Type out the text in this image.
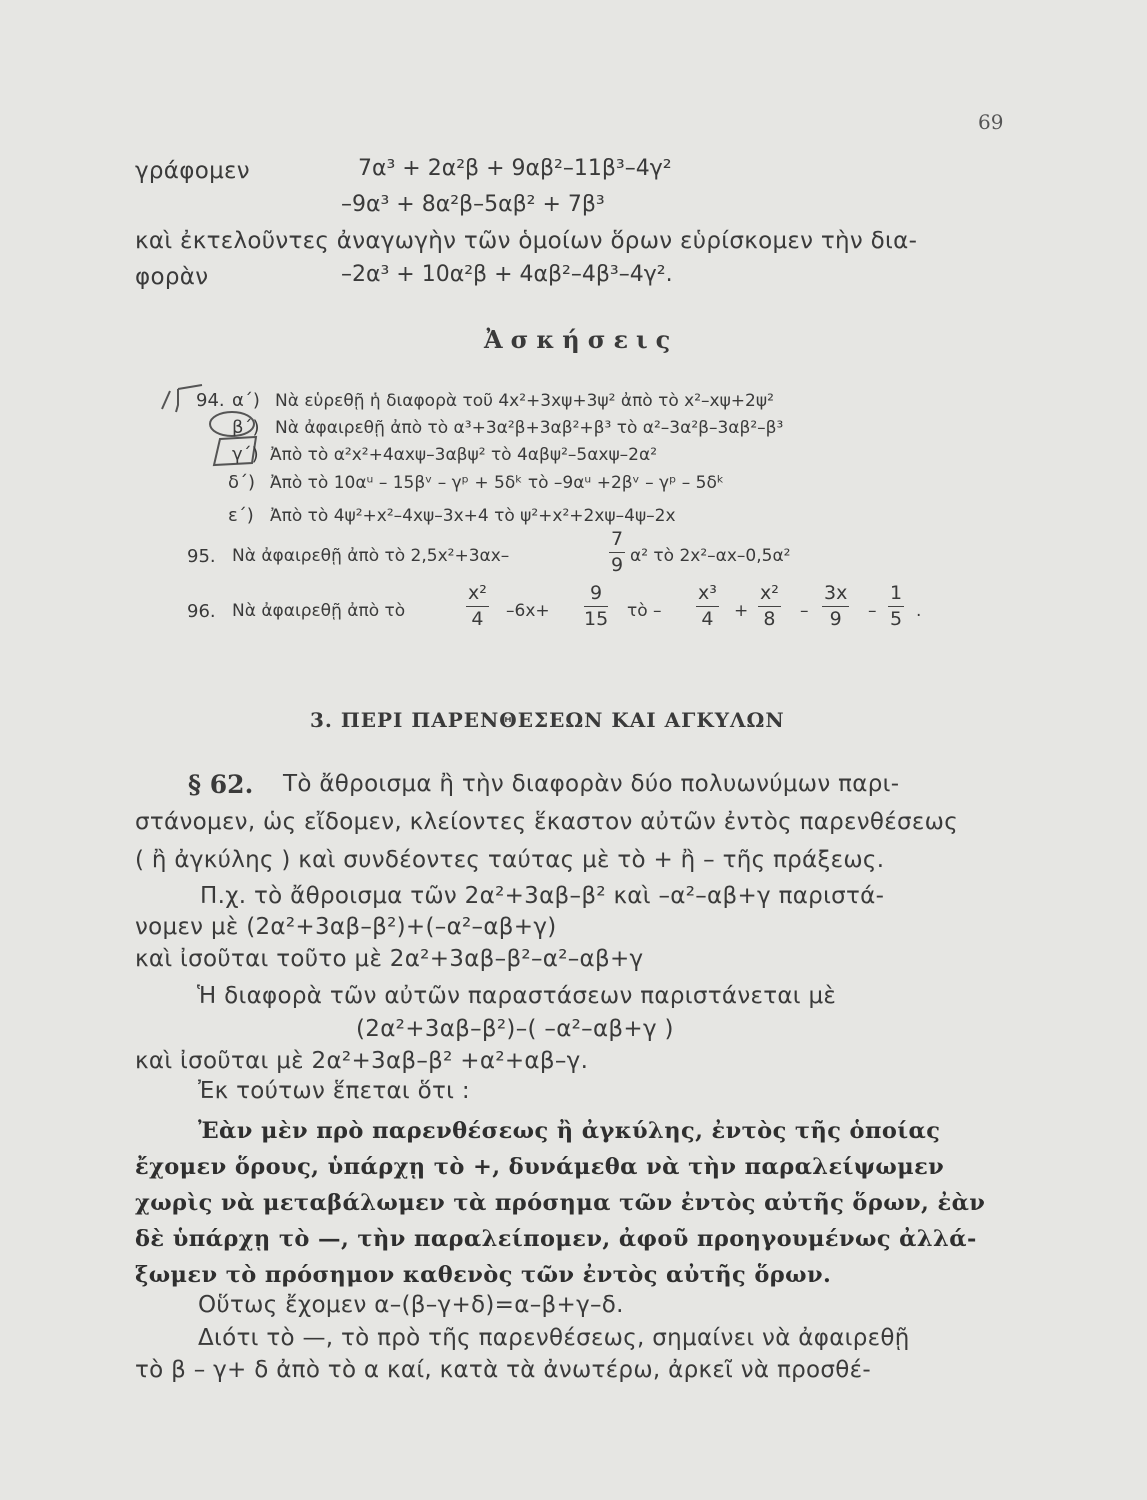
69
γράφομεν	7α³ + 2α²β + 9αβ²–11β³–4γ²
–9α³ + 8α²β–5αβ² + 7β³
καὶ ἐκτελοῦντες ἀναγωγὴν τῶν ὁμοίων ὅρων εὑρίσκομεν τὴν δια-
φορὰν	–2α³ + 10α²β + 4αβ²–4β³–4γ².
Ἀσκήσεις
94. α΄) Νὰ εὑρεθῇ ἡ διαφορὰ τοῦ 4x²+3xψ+3ψ² ἀπὸ τὸ x²–xψ+2ψ²
β΄) Νὰ ἀφαιρεθῇ ἀπὸ τὸ α³+3α²β+3αβ²+β³ τὸ α²–3α²β–3αβ²–β³
γ΄) Ἀπὸ τὸ α²x²+4αxψ–3αβψ² τὸ 4αβψ²–5αxψ–2α²
δ΄) Ἀπὸ τὸ 10αᵘ – 15βᵛ – γᵖ + 5δᵏ τὸ –9αᵘ +2βᵛ – γᵖ – 5δᵏ
ε΄) Ἀπὸ τὸ 4ψ²+x²–4xψ–3x+4 τὸ ψ²+x²+2xψ–4ψ–2x
95. Νὰ ἀφαιρεθῇ ἀπὸ τὸ 2,5x²+3αx–	$\frac{7}{9} \alpha^2$ τὸ 2x²–αx–0,5α²
96. Νὰ ἀφαιρεθῇ ἀπὸ τὸ	$\frac{\text{x²}}{4} -6x+ \frac{9}{15}$ τὸ – $\frac{\text{x³}}{4} + \frac{\text{x²}}{8} - \frac{3x}{9} - \frac{1}{5}$ .
3. ΠΕΡΙ ΠΑΡΕΝΘΕΣΕΩΝ ΚΑΙ ΑΓΚΥΛΩΝ
§ 62. Τὸ ἄθροισμα ἢ τὴν διαφορὰν δύο πολυωνύμων παρι-
στάνομεν, ὡς εἴδομεν, κλείοντες ἕκαστον αὐτῶν ἐντὸς παρενθέσεως
( ἢ ἀγκύλης ) καὶ συνδέοντες ταύτας μὲ τὸ + ἢ – τῆς πράξεως.
Π.χ. τὸ ἄθροισμα τῶν 2α²+3αβ–β² καὶ –α²–αβ+γ παριστά-
νομεν μὲ (2α²+3αβ–β²)+(–α²–αβ+γ)
καὶ ἰσοῦται τοῦτο μὲ 2α²+3αβ–β²–α²–αβ+γ
Ἡ διαφορὰ τῶν αὐτῶν παραστάσεων παριστάνεται μὲ
(2α²+3αβ–β²)–( –α²–αβ+γ )
καὶ ἰσοῦται μὲ 2α²+3αβ–β² +α²+αβ–γ.
Ἐκ τούτων ἕπεται ὅτι :
Ἐὰν μὲν πρὸ παρενθέσεως ἢ ἀγκύλης, ἐντὸς τῆς ὁποίας
ἔχομεν ὅρους, ὑπάρχῃ τὸ +, δυνάμεθα νὰ τὴν παραλείψωμεν
χωρὶς νὰ μεταβάλωμεν τὰ πρόσημα τῶν ἐντὸς αὐτῆς ὅρων, ἐὰν
δὲ ὑπάρχῃ τὸ —, τὴν παραλείπομεν, ἀφοῦ προηγουμένως ἀλλά-
ξωμεν τὸ πρόσημον καθενὸς τῶν ἐντὸς αὐτῆς ὅρων.
Οὕτως ἔχομεν α–(β–γ+δ)=α–β+γ–δ.
Διότι τὸ —, τὸ πρὸ τῆς παρενθέσεως, σημαίνει νὰ ἀφαιρεθῇ
τὸ β – γ+ δ ἀπὸ τὸ α καί, κατὰ τὰ ἀνωτέρω, ἀρκεῖ νὰ προσθέ-
